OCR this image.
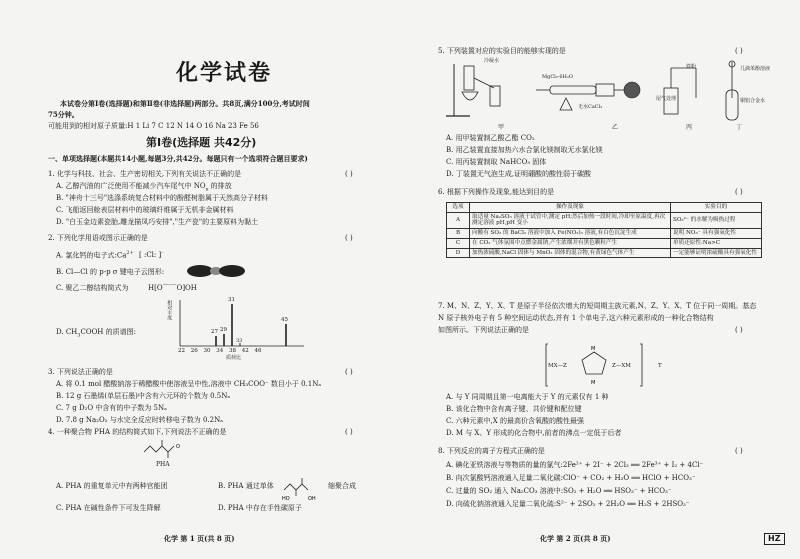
化学试卷
本试卷分第Ⅰ卷(选择题)和第Ⅱ卷(非选择题)两部分。共8页,满分100分,考试时间
75分钟。
可能用到的相对原子质量:H 1 Li 7 C 12 N 14 O 16 Na 23 Fe 56
第Ⅰ卷(选择题 共42分)
一、单项选择题(本题共14小题,每题3分,共42分。每题只有一个选项符合题目要求)
1. 化学与科技、社会、生产密切相关,下列有关说法不正确的是	( )
A. 乙醇汽油的广泛使用不能减少汽车尾气中 $NO_x$ 的排放
B. "神舟十三号"选涤系统复合材料中的酚醛树脂属于天然高分子材料
C. 飞船返回舱表层材料中的玻璃纤维属于无机非金属材料
D. "白玉金边素瓷胎,雕龙描凤巧安排","生产瓷"的主要原料为黏土
2. 下列化学用语或图示正确的是	( )
A. 氯化钙的电子式$:Ca^{2+}$ [ :Cl: ]-
B. Cl—Cl 的 p-p σ 键电子云图形:
C. 聚乙二醇结构简式为	H[O⌒⌒O]OH
D. $CH_3COOH$ 的质谱图:
相对丰度	31
29
27
45
33
22 26 30 34 38 42 46
质荷比
3. 下列说法正确的是	( )
A. 将 0.1 mol 醋酸钠溶于稀醋酸中使溶液呈中性,溶液中 CH₃COO⁻ 数目小于 0.1Nₐ
B. 12 g 石墨烯(单层石墨)中含有六元环的个数为 0.5Nₐ
C. 7 g D₂O 中含有的中子数为 5Nₐ
D. 7.8 g Na₂O₂ 与水完全反应时转移电子数为 0.2Nₐ
4. 一种聚合物 PHA 的结构简式如下,下列说法不正确的是	( )
O
PHA
A. PHA 的重复单元中有两种官能团	B. PHA 通过单体
HO	OH
缩聚合成
C. PHA 在碱性条件下可发生降解	D. PHA 中存在手性碳原子
化学 第 1 页(共 8 页)
5. 下列装置对应的实验目的能够实现的是	( )
甲	乙	丙	丁
冷凝水
MgCl₂·6H₂O
无水CaCl₂
尾气处理
铁粉	几滴苯酚溶液
铜铝合金水
A. 用甲装置制乙酸乙酯 CO₂
B. 用乙装置直接加热六水合氯化镁制取无水氯化镁
C. 用丙装置制取 NaHCO₃ 固体
D. 丁装置无气泡生成,证明硼酸的酸性弱于碳酸
6. 根据下列操作及现象,能达到目的是	( )
选项	操作及现象	实验目的
A	取适量 Na₂SO₃ 溶液于试管中,测定 pH;然后加热一段时间,冷却至原温度,再次测定溶液 pH,pH 变小	SO₃²⁻ 的水解为吸热过程
B	向酸有 SO₂ 的 BaCl₂ 溶液中加入 Fe(NO₃)₃ 溶液,有白色沉淀生成	说明 NO₃⁻ 具有强氧化性
C	在 CO₂ 气体氛围中点燃金属钠,产生浓烟并有黑色颗粒产生	单质还原性:Na>C
D	加热浓硫酸,NaCl 固体与 MnO₂ 固体的混合物,有黄绿色气体产生	一定能够证明浓硫酸具有强氧化性
7. M、N、Z、Y、X、T 是原子半径依次增大的短周期主族元素,N、Z、Y、X、T 位于同一周期。基态
N 原子核外电子有 5 种空间运动状态,并有 1 个单电子,这六种元素形成的一种化合物结构
如图所示。下列说法正确的是	( )
M
M
MX—Z	Z—XM	T
A. 与 Y 同周期且第一电离能大于 Y 的元素仅有 1 种
B. 该化合物中含有离子键、共价键和配位键
C. 六种元素中,X 的最高价含氧酸的酸性最强
D. M 与 X、Y 形成的化合物中,前者的沸点一定低于后者
8. 下列反应的离子方程式正确的是	( )
A. 碘化亚铁溶液与等物质的量的氯气:2Fe²⁺ + 2I⁻ + 2Cl₂ ══ 2Fe³⁺ + I₂ + 4Cl⁻
B. 向次氯酸钙溶液通入足量二氧化碳:ClO⁻ + CO₂ + H₂O ══ HClO + HCO₃⁻
C. 过量的 SO₂ 通入 Na₂CO₃ 溶液中:SO₂ + H₂O ══ HSO₃⁻ + HCO₃⁻
D. 向硫化钠溶液通入足量二氧化硫:S²⁻ + 2SO₂ + 2H₂O ══ H₂S + 2HSO₃⁻
化学 第 2 页(共 8 页)	HZ
